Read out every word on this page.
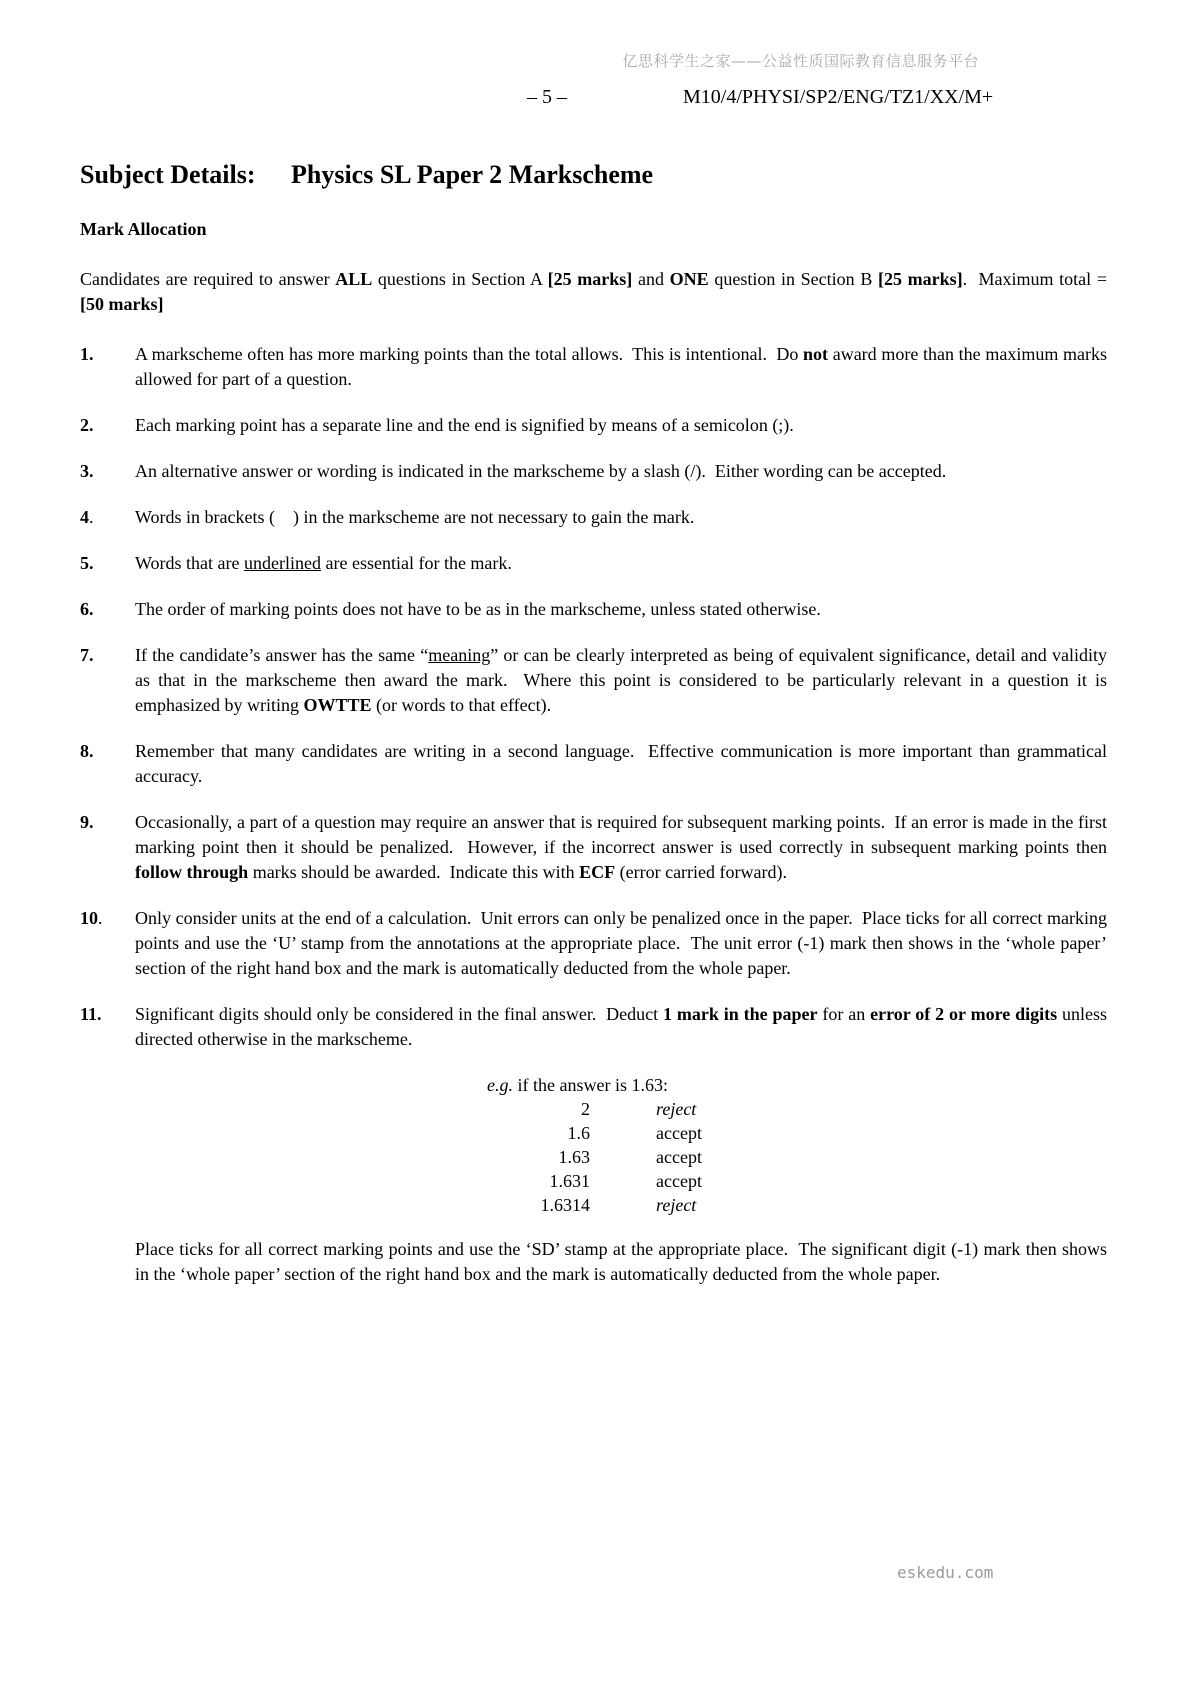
亿思科学生之家——公益性质国际教育信息服务平台
– 5 –	M10/4/PHYSI/SP2/ENG/TZ1/XX/M+
Subject Details:	Physics SL Paper 2 Markscheme
Mark Allocation
Candidates are required to answer ALL questions in Section A [25 marks] and ONE question in Section B [25 marks].  Maximum total = [50 marks]
1.	A markscheme often has more marking points than the total allows.  This is intentional.  Do not award more than the maximum marks allowed for part of a question.
2.	Each marking point has a separate line and the end is signified by means of a semicolon (;).
3.	An alternative answer or wording is indicated in the markscheme by a slash (/).  Either wording can be accepted.
4.	Words in brackets (    ) in the markscheme are not necessary to gain the mark.
5.	Words that are underlined are essential for the mark.
6.	The order of marking points does not have to be as in the markscheme, unless stated otherwise.
7.	If the candidate’s answer has the same “meaning” or can be clearly interpreted as being of equivalent significance, detail and validity as that in the markscheme then award the mark.  Where this point is considered to be particularly relevant in a question it is emphasized by writing OWTTE (or words to that effect).
8.	Remember that many candidates are writing in a second language.  Effective communication is more important than grammatical accuracy.
9.	Occasionally, a part of a question may require an answer that is required for subsequent marking points.  If an error is made in the first marking point then it should be penalized.  However, if the incorrect answer is used correctly in subsequent marking points then follow through marks should be awarded.  Indicate this with ECF (error carried forward).
10.	Only consider units at the end of a calculation.  Unit errors can only be penalized once in the paper.  Place ticks for all correct marking points and use the ‘U’ stamp from the annotations at the appropriate place.  The unit error (-1) mark then shows in the ‘whole paper’ section of the right hand box and the mark is automatically deducted from the whole paper.
11.	Significant digits should only be considered in the final answer.  Deduct 1 mark in the paper for an error of 2 or more digits unless directed otherwise in the markscheme.
e.g. if the answer is 1.63:
2	reject
1.6	accept
1.63	accept
1.631	accept
1.6314	reject
Place ticks for all correct marking points and use the ‘SD’ stamp at the appropriate place.  The significant digit (-1) mark then shows in the ‘whole paper’ section of the right hand box and the mark is automatically deducted from the whole paper.
eskedu.com
